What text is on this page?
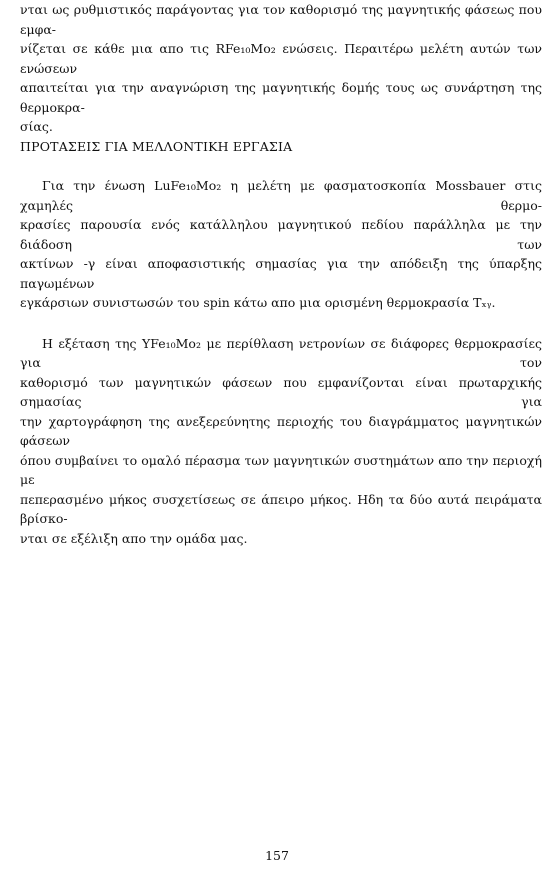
νται ως ρυθμιστικός παράγοντας για τον καθορισμό της μαγνητικής φάσεως που εμφα-
νίζεται σε κάθε μια απο τις RFe₁₀Mo₂ ενώσεις. Περαιτέρω μελέτη αυτών των ενώσεων
απαιτείται για την αναγνώριση της μαγνητικής δομής τους ως συνάρτηση της θερμοκρα-
σίας.

ΠΡΟΤΑΣΕΙΣ ΓΙΑ ΜΕΛΛΟΝΤΙΚΗ ΕΡΓΑΣΙΑ

Για την ένωση LuFe₁₀Mo₂ η μελέτη με φασματοσκοπία Mossbauer στις χαμηλές θερμο-
κρασίες παρουσία ενός κατάλληλου μαγνητικού πεδίου παράλληλα με την διάδοση των
ακτίνων -γ είναι αποφασιστικής σημασίας για την απόδειξη της ύπαρξης παγωμένων
εγκάρσιων συνιστωσών του spin κάτω απο μια ορισμένη θερμοκρασία Tₓᵧ.

Η εξέταση της YFe₁₀Mo₂ με περίθλαση νετρονίων σε διάφορες θερμοκρασίες για τον
καθορισμό των μαγνητικών φάσεων που εμφανίζονται είναι πρωταρχικής σημασίας για
την χαρτογράφηση της ανεξερεύνητης περιοχής του διαγράμματος μαγνητικών φάσεων
όπου συμβαίνει το ομαλό πέρασμα των μαγνητικών συστημάτων απο την περιοχή με
πεπερασμένο μήκος συσχετίσεως σε άπειρο μήκος. Ηδη τα δύο αυτά πειράματα βρίσκο-
νται σε εξέλιξη απο την ομάδα μας.

157
